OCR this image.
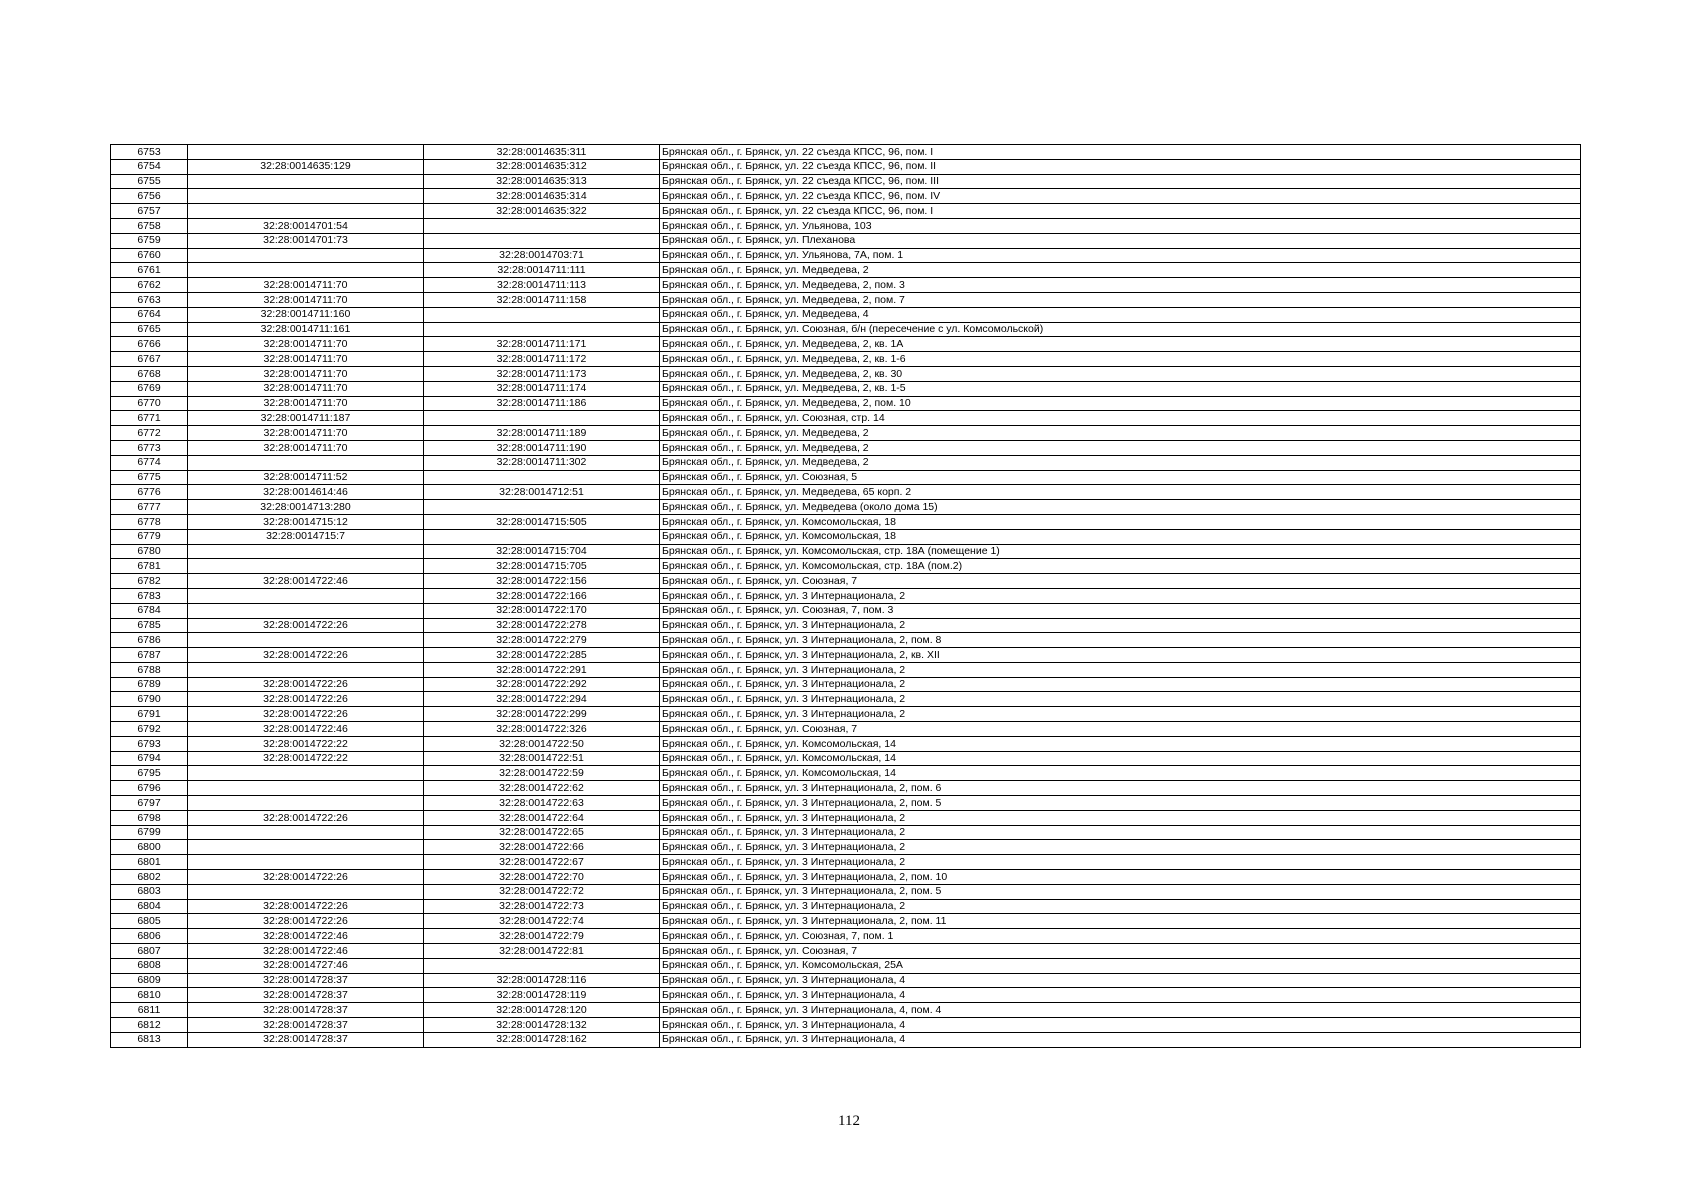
6753		32:28:0014635:311	Брянская обл., г. Брянск, ул. 22 съезда КПСС, 96, пом. I
6754	32:28:0014635:129	32:28:0014635:312	Брянская обл., г. Брянск, ул. 22 съезда КПСС, 96, пом. II
6755		32:28:0014635:313	Брянская обл., г. Брянск, ул. 22 съезда КПСС, 96, пом. III
6756		32:28:0014635:314	Брянская обл., г. Брянск, ул. 22 съезда КПСС, 96, пом. IV
6757		32:28:0014635:322	Брянская обл., г. Брянск, ул. 22 съезда КПСС, 96, пом. I
6758	32:28:0014701:54		Брянская обл., г. Брянск, ул. Ульянова, 103
6759	32:28:0014701:73		Брянская обл., г. Брянск, ул. Плеханова
6760		32:28:0014703:71	Брянская обл., г. Брянск, ул. Ульянова, 7А, пом. 1
6761		32:28:0014711:111	Брянская обл., г. Брянск, ул. Медведева, 2
6762	32:28:0014711:70	32:28:0014711:113	Брянская обл., г. Брянск, ул. Медведева, 2, пом. 3
6763	32:28:0014711:70	32:28:0014711:158	Брянская обл., г. Брянск, ул. Медведева, 2, пом. 7
6764	32:28:0014711:160		Брянская обл., г. Брянск, ул. Медведева, 4
6765	32:28:0014711:161		Брянская обл., г. Брянск, ул. Союзная, б/н (пересечение с ул. Комсомольской)
6766	32:28:0014711:70	32:28:0014711:171	Брянская обл., г. Брянск, ул. Медведева, 2, кв. 1А
6767	32:28:0014711:70	32:28:0014711:172	Брянская обл., г. Брянск, ул. Медведева, 2, кв. 1-6
6768	32:28:0014711:70	32:28:0014711:173	Брянская обл., г. Брянск, ул. Медведева, 2, кв. 30
6769	32:28:0014711:70	32:28:0014711:174	Брянская обл., г. Брянск, ул. Медведева, 2, кв. 1-5
6770	32:28:0014711:70	32:28:0014711:186	Брянская обл., г. Брянск, ул. Медведева, 2, пом. 10
6771	32:28:0014711:187		Брянская обл., г. Брянск, ул. Союзная, стр. 14
6772	32:28:0014711:70	32:28:0014711:189	Брянская обл., г. Брянск, ул. Медведева, 2
6773	32:28:0014711:70	32:28:0014711:190	Брянская обл., г. Брянск, ул. Медведева, 2
6774		32:28:0014711:302	Брянская обл., г. Брянск, ул. Медведева, 2
6775	32:28:0014711:52		Брянская обл., г. Брянск, ул. Союзная, 5
6776	32:28:0014614:46	32:28:0014712:51	Брянская обл., г. Брянск, ул. Медведева, 65 корп. 2
6777	32:28:0014713:280		Брянская обл., г. Брянск, ул. Медведева (около дома 15)
6778	32:28:0014715:12	32:28:0014715:505	Брянская обл., г. Брянск, ул. Комсомольская, 18
6779	32:28:0014715:7		Брянская обл., г. Брянск, ул. Комсомольская, 18
6780		32:28:0014715:704	Брянская обл., г. Брянск, ул. Комсомольская, стр. 18А (помещение 1)
6781		32:28:0014715:705	Брянская обл., г. Брянск, ул. Комсомольская, стр. 18А (пом.2)
6782	32:28:0014722:46	32:28:0014722:156	Брянская обл., г. Брянск, ул. Союзная, 7
6783		32:28:0014722:166	Брянская обл., г. Брянск, ул. 3 Интернационала, 2
6784		32:28:0014722:170	Брянская обл., г. Брянск, ул. Союзная, 7, пом. 3
6785	32:28:0014722:26	32:28:0014722:278	Брянская обл., г. Брянск, ул. 3 Интернационала, 2
6786		32:28:0014722:279	Брянская обл., г. Брянск, ул. 3 Интернационала, 2, пом. 8
6787	32:28:0014722:26	32:28:0014722:285	Брянская обл., г. Брянск, ул. 3 Интернационала, 2, кв. XII
6788		32:28:0014722:291	Брянская обл., г. Брянск, ул. 3 Интернационала, 2
6789	32:28:0014722:26	32:28:0014722:292	Брянская обл., г. Брянск, ул. 3 Интернационала, 2
6790	32:28:0014722:26	32:28:0014722:294	Брянская обл., г. Брянск, ул. 3 Интернационала, 2
6791	32:28:0014722:26	32:28:0014722:299	Брянская обл., г. Брянск, ул. 3 Интернационала, 2
6792	32:28:0014722:46	32:28:0014722:326	Брянская обл., г. Брянск, ул. Союзная, 7
6793	32:28:0014722:22	32:28:0014722:50	Брянская обл., г. Брянск, ул. Комсомольская, 14
6794	32:28:0014722:22	32:28:0014722:51	Брянская обл., г. Брянск, ул. Комсомольская, 14
6795		32:28:0014722:59	Брянская обл., г. Брянск, ул. Комсомольская, 14
6796		32:28:0014722:62	Брянская обл., г. Брянск, ул. 3 Интернационала, 2, пом. 6
6797		32:28:0014722:63	Брянская обл., г. Брянск, ул. 3 Интернационала, 2, пом. 5
6798	32:28:0014722:26	32:28:0014722:64	Брянская обл., г. Брянск, ул. 3 Интернационала, 2
6799		32:28:0014722:65	Брянская обл., г. Брянск, ул. 3 Интернационала, 2
6800		32:28:0014722:66	Брянская обл., г. Брянск, ул. 3 Интернационала, 2
6801		32:28:0014722:67	Брянская обл., г. Брянск, ул. 3 Интернационала, 2
6802	32:28:0014722:26	32:28:0014722:70	Брянская обл., г. Брянск, ул. 3 Интернационала, 2, пом. 10
6803		32:28:0014722:72	Брянская обл., г. Брянск, ул. 3 Интернационала, 2, пом. 5
6804	32:28:0014722:26	32:28:0014722:73	Брянская обл., г. Брянск, ул. 3 Интернационала, 2
6805	32:28:0014722:26	32:28:0014722:74	Брянская обл., г. Брянск, ул. 3 Интернационала, 2, пом. 11
6806	32:28:0014722:46	32:28:0014722:79	Брянская обл., г. Брянск, ул. Союзная, 7, пом. 1
6807	32:28:0014722:46	32:28:0014722:81	Брянская обл., г. Брянск, ул. Союзная, 7
6808	32:28:0014727:46		Брянская обл., г. Брянск, ул. Комсомольская, 25А
6809	32:28:0014728:37	32:28:0014728:116	Брянская обл., г. Брянск, ул. 3 Интернационала, 4
6810	32:28:0014728:37	32:28:0014728:119	Брянская обл., г. Брянск, ул. 3 Интернационала, 4
6811	32:28:0014728:37	32:28:0014728:120	Брянская обл., г. Брянск, ул. 3 Интернационала, 4, пом. 4
6812	32:28:0014728:37	32:28:0014728:132	Брянская обл., г. Брянск, ул. 3 Интернационала, 4
6813	32:28:0014728:37	32:28:0014728:162	Брянская обл., г. Брянск, ул. 3 Интернационала, 4
112
